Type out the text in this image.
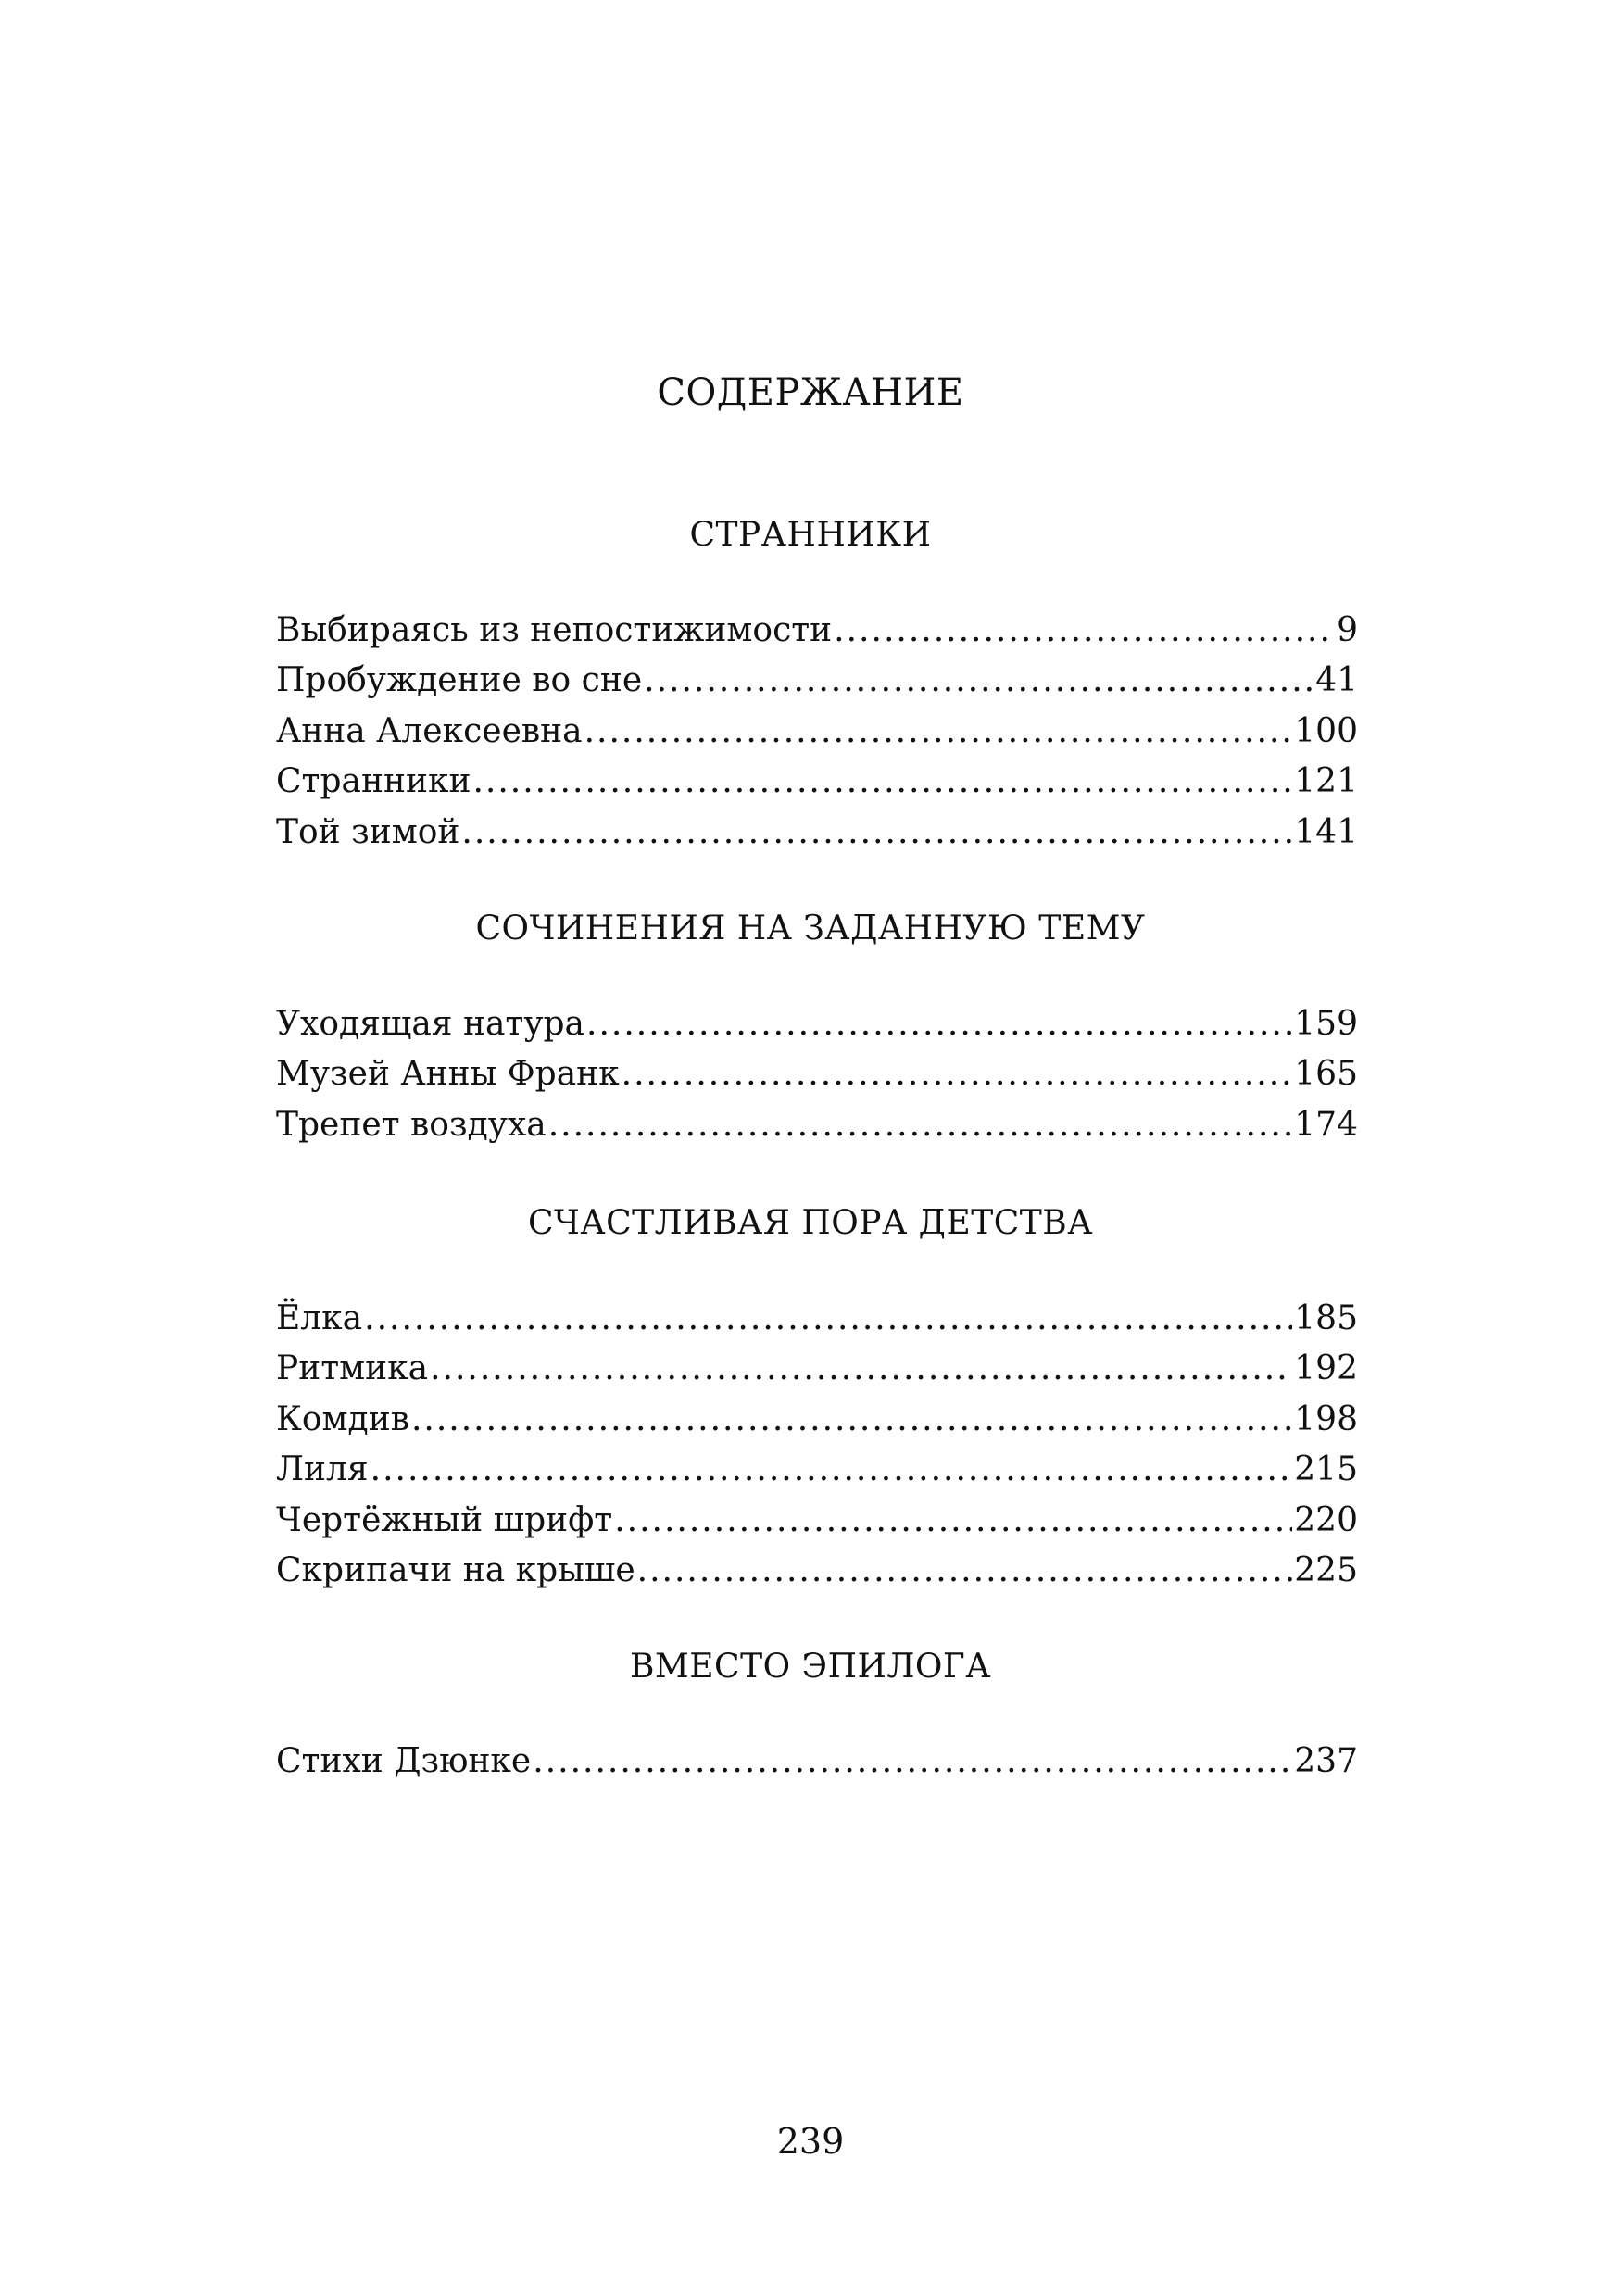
СОДЕРЖАНИЕ
СТРАННИКИ
Выбираясь из непостижимости .....	9
Пробуждение во сне .....	41
Анна Алексеевна .....	100
Странники .....	121
Той зимой .....	141
СОЧИНЕНИЯ НА ЗАДАННУЮ ТЕМУ
Уходящая натура .....	159
Музей Анны Франк .....	165
Трепет воздуха .....	174
СЧАСТЛИВАЯ ПОРА ДЕТСТВА
Ёлка .....	185
Ритмика .....	192
Комдив .....	198
Лиля .....	215
Чертёжный шрифт .....	220
Скрипачи на крыше .....	225
ВМЕСТО ЭПИЛОГА
Стихи Дзюнке .....	237
239
